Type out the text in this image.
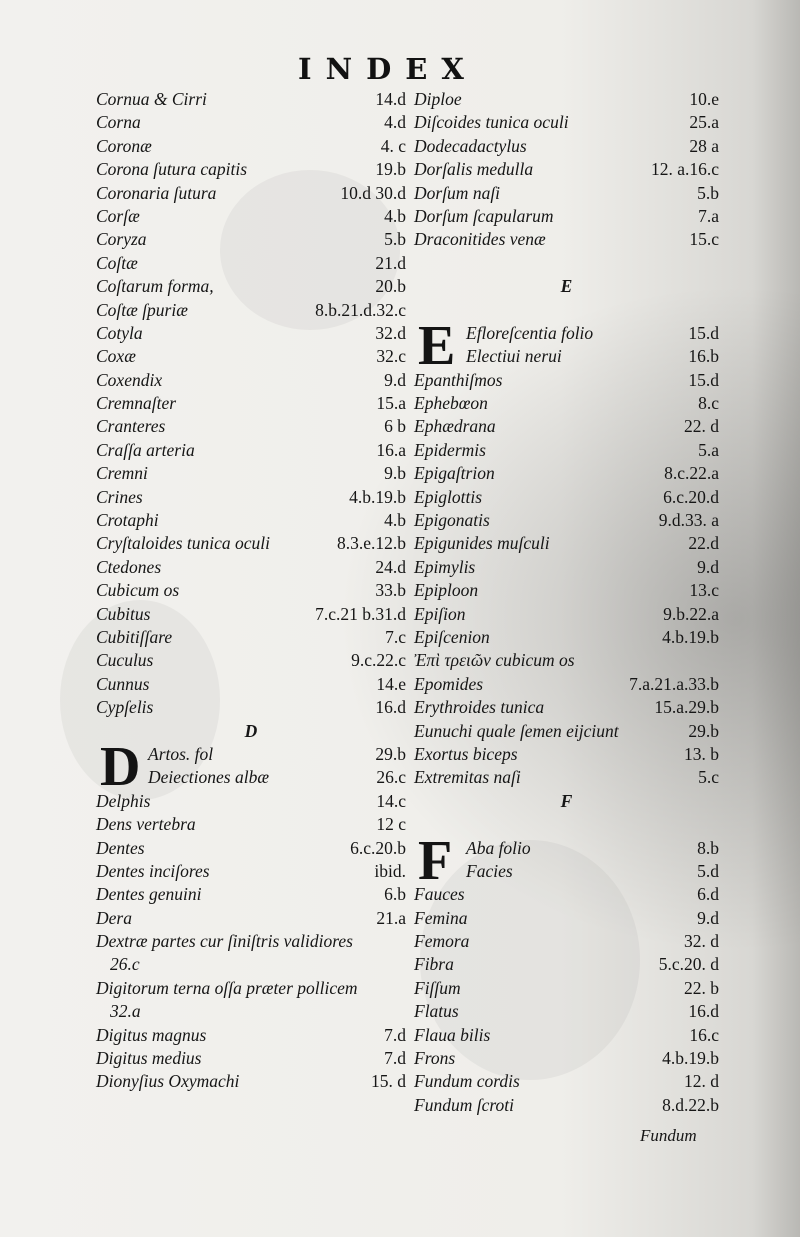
INDEX
Cornua & Cirri	14.d
Corna	4.d
Coronæ	4. c
Corona ſutura capitis	19.b
Coronaria ſutura	10.d 30.d
Corſæ	4.b
Coryza	5.b
Coſtæ	21.d
Coſtarum forma,	20.b
Coſtæ ſpuriæ	8.b.21.d.32.c
Cotyla	32.d
Coxæ	32.c
Coxendix	9.d
Cremnaſter	15.a
Cranteres	6 b
Craſſa arteria	16.a
Cremni	9.b
Crines	4.b.19.b
Crotaphi	4.b
Cryſtaloides tunica oculi	8.3.e.12.b
Ctedones	24.d
Cubicum os	33.b
Cubitus	7.c.21 b.31.d
Cubitiſſare	7.c
Cuculus	9.c.22.c
Cunnus	14.e
Cypſelis	16.d
D
D Artos. fol	29.b
Deiectiones albæ	26.c
Delphis	14.c
Dens vertebra	12 c
Dentes	6.c.20.b
Dentes inciſores	ibid.
Dentes genuini	6.b
Dera	21.a
Dextræ partes cur ſiniſtris validiores
26.c
Digitorum terna oſſa præter pollicem
32.a
Digitus magnus	7.d
Digitus medius	7.d
Dionyſius Oxymachi	15. d
Diploe	10.e
Diſcoides tunica oculi	25.a
Dodecadactylus	28 a
Dorſalis medulla	12. a.16.c
Dorſum naſi	5.b
Dorſum ſcapularum	7.a
Draconitides venæ	15.c
E
E Efloreſcentia folio	15.d
Electiui nerui	16.b
Epanthiſmos	15.d
Ephebœon	8.c
Ephædrana	22. d
Epidermis	5.a
Epigaſtrion	8.c.22.a
Epiglottis	6.c.20.d
Epigonatis	9.d.33. a
Epigunides muſculi	22.d
Epimylis	9.d
Epiploon	13.c
Epiſion	9.b.22.a
Epiſcenion	4.b.19.b
Ἐπὶ τρειῶν cubicum os
Epomides	7.a.21.a.33.b
Erythroides tunica	15.a.29.b
Eunuchi quale ſemen eijciunt	29.b
Exortus biceps	13. b
Extremitas naſi	5.c
F
F Aba folio	8.b
Facies	5.d
Fauces	6.d
Femina	9.d
Femora	32. d
Fibra	5.c.20. d
Fiſſum	22. b
Flatus	16.d
Flaua bilis	16.c
Frons	4.b.19.b
Fundum cordis	12. d
Fundum ſcroti	8.d.22.b
Fundum
